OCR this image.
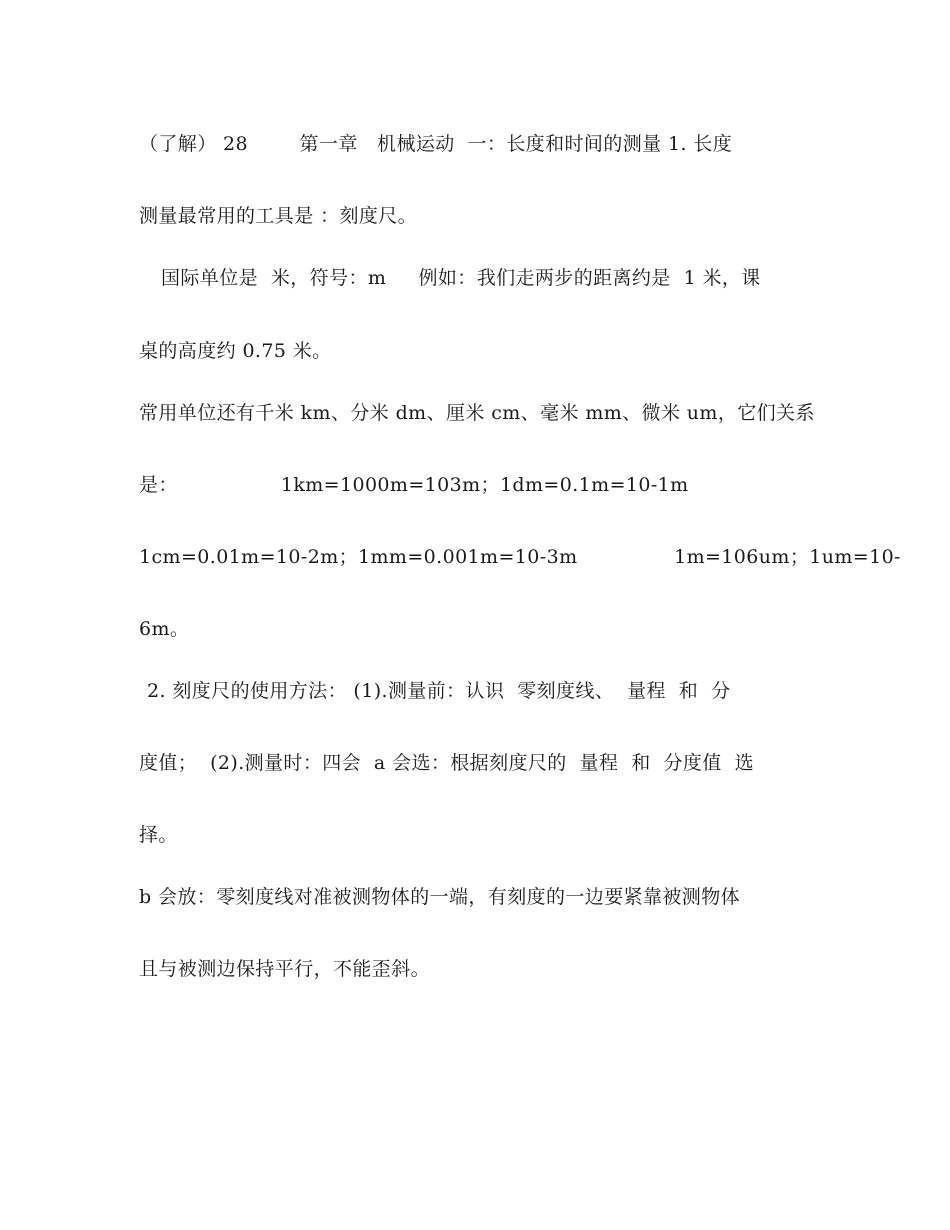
（了解） 28        第一章   机械运动  一：长度和时间的测量 1. 长度
测量最常用的工具是 ：刻度尺。
国际单位是  米，符号：m     例如：我们走两步的距离约是  1 米，课
桌的高度约 0.75 米。
常用单位还有千米 km、分米 dm、厘米 cm、毫米 mm、微米 um，它们关系
是：                1km=1000m=103m；1dm=0.1m=10-1m
1cm=0.01m=10-2m；1mm=0.001m=10-3m               1m=106um；1um=10-
6m。
2. 刻度尺的使用方法： (1).测量前：认识  零刻度线、  量程  和  分
度值；  (2).测量时：四会  a 会选：根据刻度尺的  量程  和  分度值  选
择。
b 会放：零刻度线对准被测物体的一端，有刻度的一边要紧靠被测物体
且与被测边保持平行，不能歪斜。
